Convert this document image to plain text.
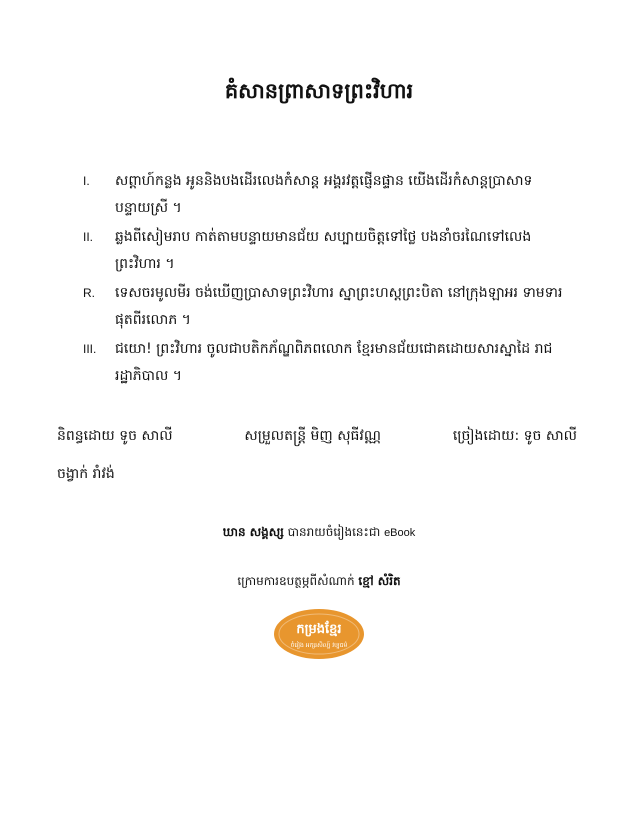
គំសានព្រាសាទព្រះវិហារ
I. សព្តាហ៍កន្លង អូននិងបងដើរលេងកំសាន្ត អង្គរវត្តផ្ញើនផ្ទាន យើងដើរកំសាន្តប្រាសាទ បន្ទាយស្រី ។
II. ឆ្លងពីសៀមរាប កាត់តាមបន្ទាយមានជ័យ សប្បាយចិត្តទៅថ្លៃ បងនាំចរណៃទៅលេង ព្រះវិហារ ។
R. ទេសចរមូលមីរ ចង់ឃើញប្រាសាទព្រះវិហារ ស្នាព្រះហស្តព្រះបិតា នៅក្រុងឡាអរ ទាមទារផុតពីរលោភ ។
III. ជយោ! ព្រះវិហារ ចូលជាបតិកភ័ណ្ឌពិភពលោក ខ្មែរមានជ័យជោគដោយសារស្នាដៃ រាជរដ្ឋាភិបាល ។
និពន្ធដោយ ទូច សាលី	សម្រួលតន្ត្រី មិញ សុធីវណ្ណ	ច្រៀងដោយ: ទូច សាលី
ចង្វាក់ រាំវង់
ឃាន សង្គស្ស បានរាយចំរៀងនេះជា eBook
ក្រោមការឧបត្ថម្ភពីសំណាក់ ខ្មៅ សំរិត
កម្រងខ្មែរ
ចំរៀង អក្សរសិល្ប៍ វប្បធម៌
